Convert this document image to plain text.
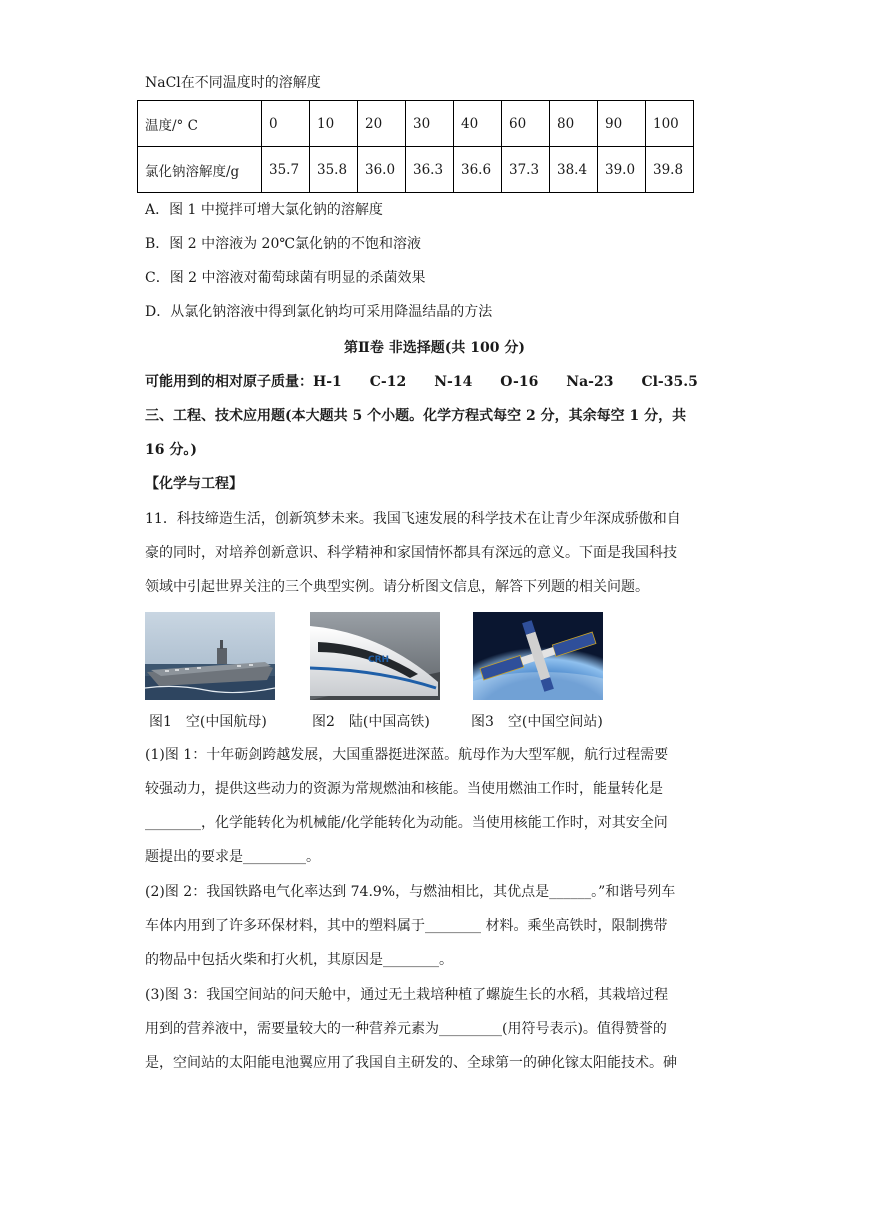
NaCl在不同温度时的溶解度
温度/° C	0	10	20	30	40	60	80	90	100
氯化钠溶解度/g	35.7	35.8	36.0	36.3	36.6	37.3	38.4	39.0	39.8
A．图 1 中搅拌可增大氯化钠的溶解度
B．图 2 中溶液为 20℃氯化钠的不饱和溶液
C．图 2 中溶液对葡萄球菌有明显的杀菌效果
D．从氯化钠溶液中得到氯化钠均可采用降温结晶的方法
第Ⅱ卷 非选择题(共 100 分)
可能用到的相对原子质量：H-1　　C-12　　N-14　　O-16　　Na-23　　Cl-35.5
三、工程、技术应用题(本大题共 5 个小题。化学方程式每空 2 分，其余每空 1 分，共
16 分。)
【化学与工程】
11．科技缔造生活，创新筑梦未来。我国飞速发展的科学技术在让青少年深成骄傲和自
豪的同时，对培养创新意识、科学精神和家国情怀都具有深远的意义。下面是我国科技
领域中引起世界关注的三个典型实例。请分析图文信息，解答下列题的相关问题。
CRH
图1　空(中国航母)	图2　陆(中国高铁)	图3　空(中国空间站)
(1)图 1：十年砺剑跨越发展，大国重器挺进深蓝。航母作为大型军舰，航行过程需要
较强动力，提供这些动力的资源为常规燃油和核能。当使用燃油工作时，能量转化是
________，化学能转化为机械能/化学能转化为动能。当使用核能工作时，对其安全问
题提出的要求是_________。
(2)图 2：我国铁路电气化率达到 74.9%，与燃油相比，其优点是______。”和谐号列车
车体内用到了许多环保材料，其中的塑料属于________ 材料。乘坐高铁时，限制携带
的物品中包括火柴和打火机，其原因是________。
(3)图 3：我国空间站的问天舱中，通过无土栽培种植了螺旋生长的水稻，其栽培过程
用到的营养液中，需要量较大的一种营养元素为_________(用符号表示)。值得赞誉的
是，空间站的太阳能电池翼应用了我国自主研发的、全球第一的砷化镓太阳能技术。砷
